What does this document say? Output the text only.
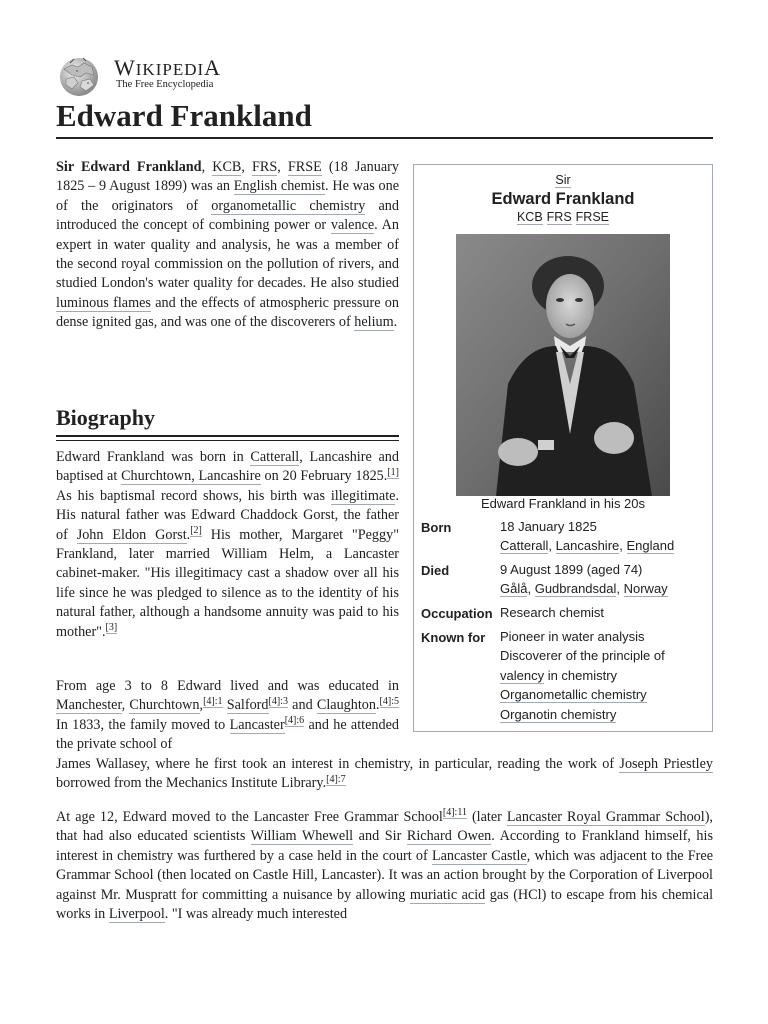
WIKIPEDIA
The Free Encyclopedia
Edward Frankland

Sir Edward Frankland, KCB, FRS, FRSE (18 January 1825 – 9 August 1899) was an English chemist. He was one of the originators of organometallic chemistry and introduced the concept of combining power or valence. An expert in water quality and analysis, he was a member of the second royal commission on the pollution of rivers, and studied London's water quality for decades. He also studied luminous flames and the effects of atmospheric pressure on dense ignited gas, and was one of the discoverers of helium.

Biography

Edward Frankland was born in Catterall, Lancashire and baptised at Churchtown, Lancashire on 20 February 1825.[1] As his baptismal record shows, his birth was illegitimate. His natural father was Edward Chaddock Gorst, the father of John Eldon Gorst.[2] His mother, Margaret "Peggy" Frankland, later married William Helm, a Lancaster cabinet-maker. "His illegitimacy cast a shadow over all his life since he was pledged to silence as to the identity of his natural father, although a handsome annuity was paid to his mother".[3]

From age 3 to 8 Edward lived and was educated in Manchester, Churchtown,$^{[4]:1}$ Salford$^{[4]:3}$ and Claughton.$^{[4]:5}$ In 1833, the family moved to Lancaster$^{[4]:6}$ and he attended the private school of

James Wallasey, where he first took an interest in chemistry, in particular, reading the work of Joseph Priestley borrowed from the Mechanics Institute Library.$^{[4]:7}$

At age 12, Edward moved to the Lancaster Free Grammar School$^{[4]:11}$ (later Lancaster Royal Grammar School), that had also educated scientists William Whewell and Sir Richard Owen. According to Frankland himself, his interest in chemistry was furthered by a case held in the court of Lancaster Castle, which was adjacent to the Free Grammar School (then located on Castle Hill, Lancaster). It was an action brought by the Corporation of Liverpool against Mr. Muspratt for committing a nuisance by allowing muriatic acid gas (HCl) to escape from his chemical works in Liverpool. "I was already much interested

Sir
Edward Frankland
KCB FRS FRSE
Edward Frankland in his 20s
Born	18 January 1825
Catterall, Lancashire, England
Died	9 August 1899 (aged 74)
Gålå, Gudbrandsdal, Norway
Occupation Research chemist
Known for Pioneer in water analysis
Discoverer of the principle of
valency in chemistry
Organometallic chemistry
Organotin chemistry
